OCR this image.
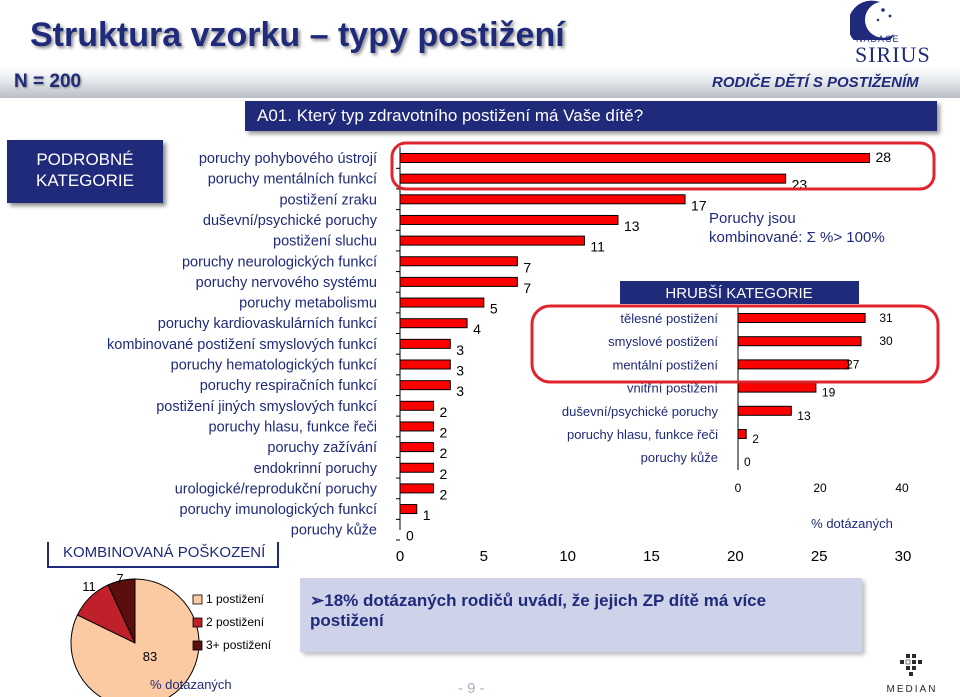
Struktura vzorku – typy postižení
N = 200	RODIČE DĚTÍ S POSTIŽENÍM
NADACE
SIRIUS
A01. Který typ zdravotního postižení má Vaše dítě?
PODROBNÉ
KATEGORIE
Poruchy jsou
kombinované: Σ %> 100%
poruchy pohybového ústrojí	28
poruchy mentálních funkcí	23
postižení zraku	17
duševní/psychické poruchy	13
postižení sluchu	11
poruchy neurologických funkcí	7
poruchy nervového systému	7
poruchy metabolismu	5
poruchy kardiovaskulárních funkcí	4
kombinované postižení smyslových funkcí	3
poruchy hematologických funkcí	3
poruchy respiračních funkcí	3
postižení jiných smyslových funkcí	2
poruchy hlasu, funkce řeči	2
poruchy zažívání	2
endokrinní poruchy	2
urologické/reprodukční poruchy	2
poruchy imunologických funkcí	1
poruchy kůže 0
0	5	10	15	20	25	30
HRUBŠÍ KATEGORIE
tělesné postižení	31
smyslové postižení	30
mentální postižení	27
vnitřní postižení	19
duševní/psychické poruchy	13
poruchy hlasu, funkce řeči	2
poruchy kůže 0
0	20	40
% dotázaných
83
11
7
1 postižení
2 postižení
3+ postižení
% dotázaných
KOMBINOVANÁ POŠKOZENÍ
➢18% dotázaných rodičů uvádí, že jejich ZP dítě má více postižení
- 9 -	MEDIAN
